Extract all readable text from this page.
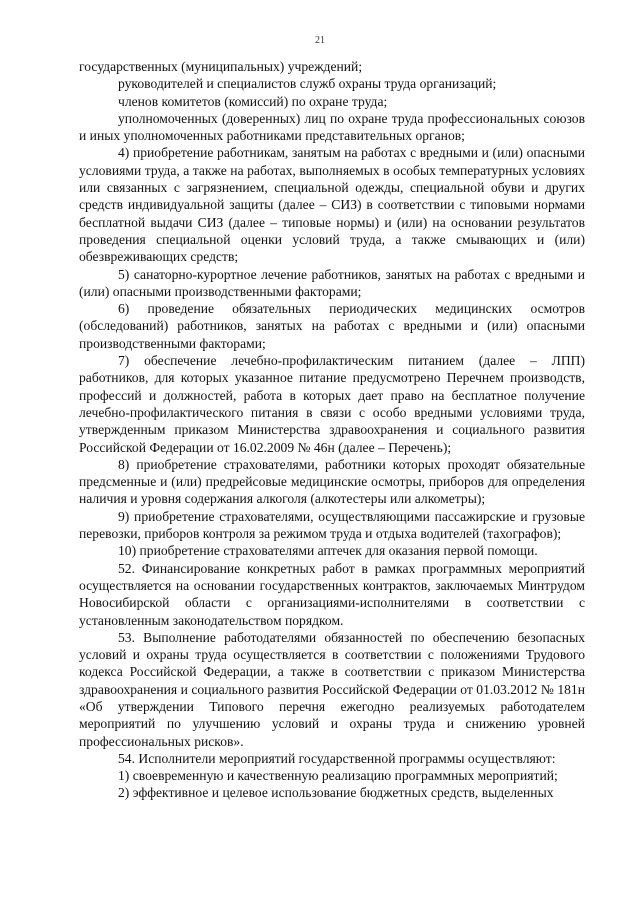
21

государственных (муниципальных) учреждений;

руководителей и специалистов служб охраны труда организаций;

членов комитетов (комиссий) по охране труда;

уполномоченных (доверенных) лиц по охране труда профессиональных союзов и иных уполномоченных работниками представительных органов;

4) приобретение работникам, занятым на работах с вредными и (или) опасными условиями труда, а также на работах, выполняемых в особых температурных условиях или связанных с загрязнением, специальной одежды, специальной обуви и других средств индивидуальной защиты (далее – СИЗ) в соответствии с типовыми нормами бесплатной выдачи СИЗ (далее – типовые нормы) и (или) на основании результатов проведения специальной оценки условий труда, а также смывающих и (или) обезвреживающих средств;

5) санаторно-курортное лечение работников, занятых на работах с вредными и (или) опасными производственными факторами;

6) проведение обязательных периодических медицинских осмотров (обследований) работников, занятых на работах с вредными и (или) опасными производственными факторами;

7) обеспечение лечебно-профилактическим питанием (далее – ЛПП) работников, для которых указанное питание предусмотрено Перечнем производств, профессий и должностей, работа в которых дает право на бесплатное получение лечебно-профилактического питания в связи с особо вредными условиями труда, утвержденным приказом Министерства здравоохранения и социального развития Российской Федерации от 16.02.2009 № 46н (далее – Перечень);

8) приобретение страхователями, работники которых проходят обязательные предсменные и (или) предрейсовые медицинские осмотры, приборов для определения наличия и уровня содержания алкоголя (алкотестеры или алкометры);

9) приобретение страхователями, осуществляющими пассажирские и грузовые перевозки, приборов контроля за режимом труда и отдыха водителей (тахографов);

10) приобретение страхователями аптечек для оказания первой помощи.

52. Финансирование конкретных работ в рамках программных мероприятий осуществляется на основании государственных контрактов, заключаемых Минтрудом Новосибирской области с организациями-исполнителями в соответствии с установленным законодательством порядком.

53. Выполнение работодателями обязанностей по обеспечению безопасных условий и охраны труда осуществляется в соответствии с положениями Трудового кодекса Российской Федерации, а также в соответствии с приказом Министерства здравоохранения и социального развития Российской Федерации от 01.03.2012 № 181н «Об утверждении Типового перечня ежегодно реализуемых работодателем мероприятий по улучшению условий и охраны труда и снижению уровней профессиональных рисков».

54. Исполнители мероприятий государственной программы осуществляют:

1) своевременную и качественную реализацию программных мероприятий;

2) эффективное и целевое использование бюджетных средств, выделенных
